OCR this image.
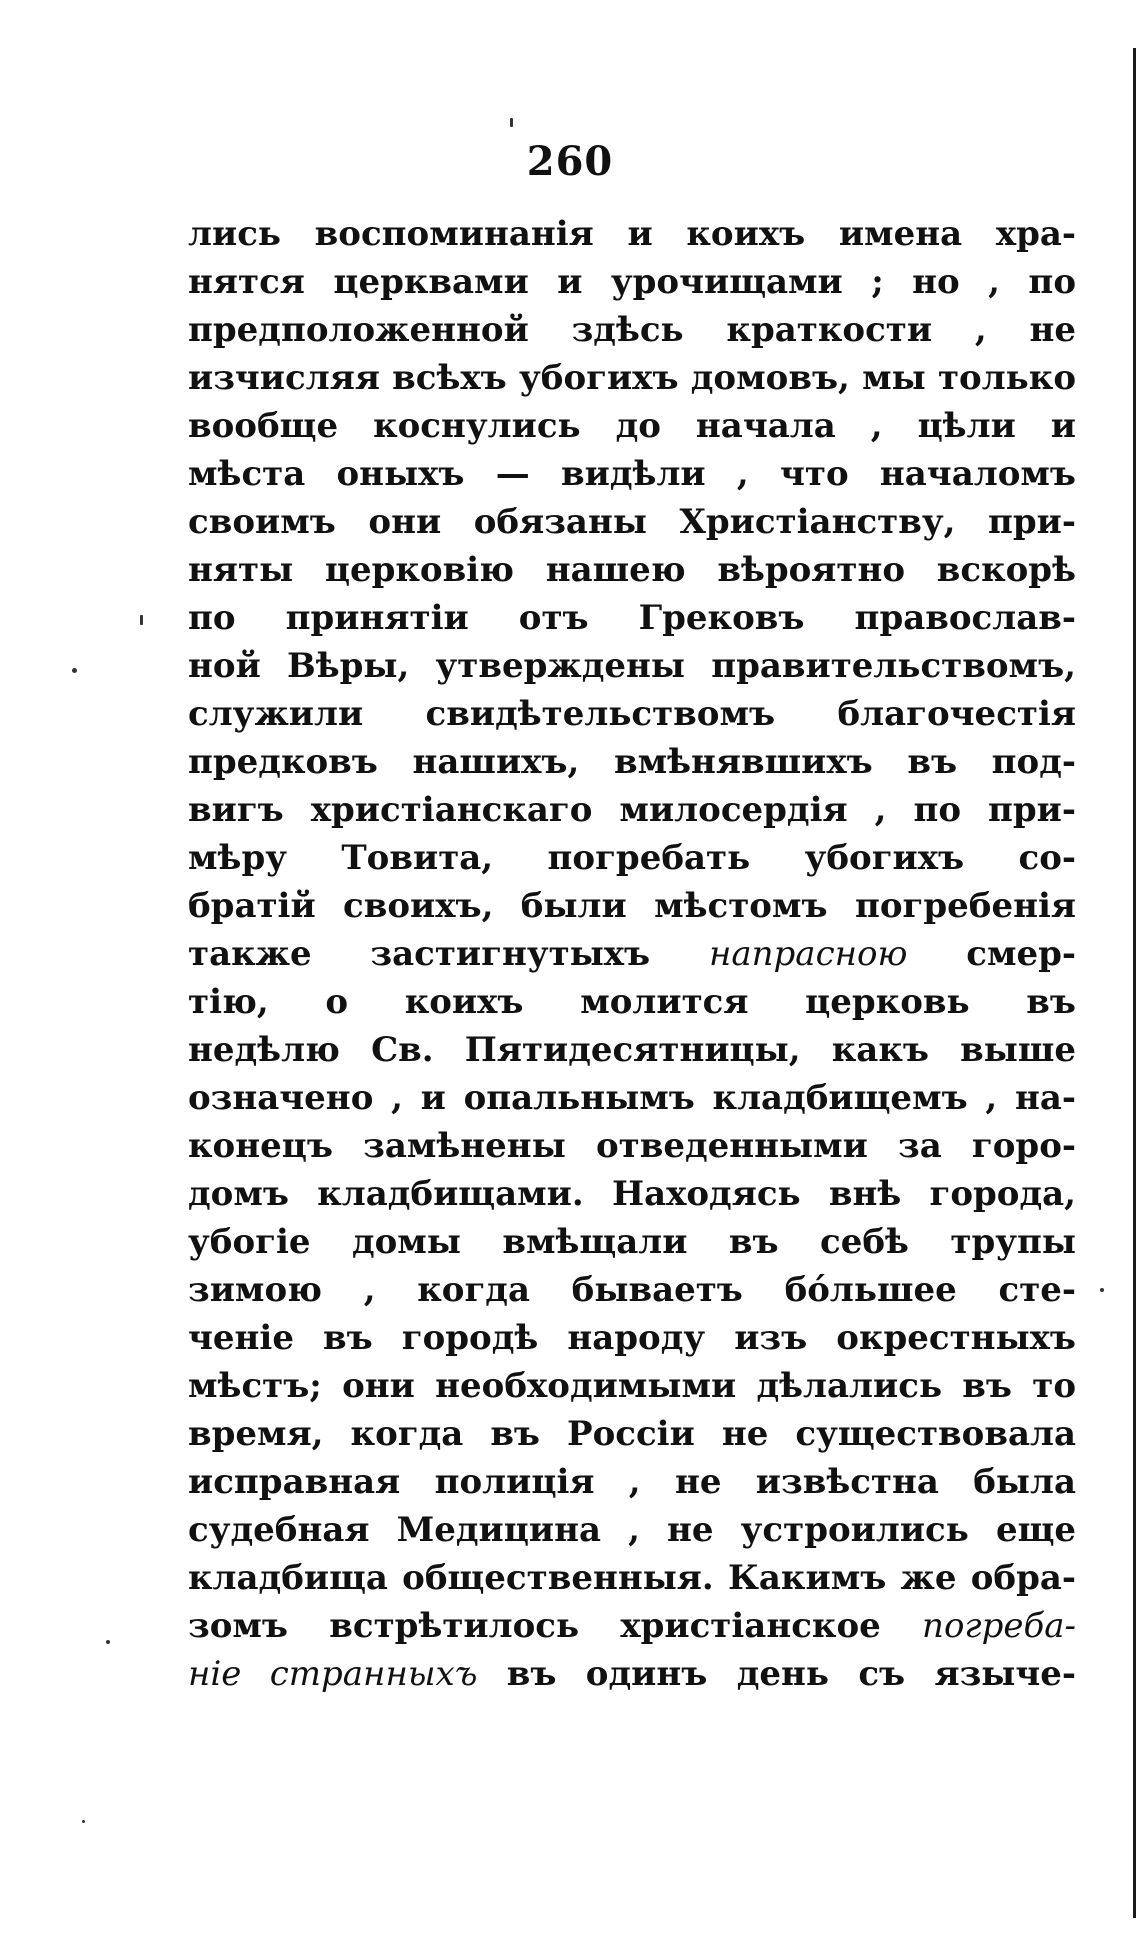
260
лись воспоминанія и коихъ имена хра-
нятся церквами и урочищами ; но , по
предположенной здѣсь краткости , не
изчисляя всѣхъ убогихъ домовъ, мы только
вообще коснулись до начала , цѣли и
мѣста оныхъ — видѣли , что началомъ
своимъ они обязаны Христіанству, при-
няты церковію нашею вѣроятно вскорѣ
по принятіи отъ Грековъ православ-
ной Вѣры, утверждены правительствомъ,
служили свидѣтельствомъ благочестія
предковъ нашихъ, вмѣнявшихъ въ под-
вигъ христіанскаго милосердія , по при-
мѣру Товита, погребать убогихъ со-
братій своихъ, были мѣстомъ погребенія
также застигнутыхъ напрасною смер-
тію, о коихъ молится церковь въ
недѣлю Св. Пятидесятницы, какъ выше
означено , и опальнымъ кладбищемъ , на-
конецъ замѣнены отведенными за горо-
домъ кладбищами. Находясь внѣ города,
убогіе домы вмѣщали въ себѣ трупы
зимою , когда бываетъ бóльшее сте-
ченіе въ городѣ народу изъ окрестныхъ
мѣстъ; они необходимыми дѣлались въ то
время, когда въ Россіи не существовала
исправная полиція , не извѣстна была
судебная Медицина , не устроились еще
кладбища общественныя. Какимъ же обра-
зомъ встрѣтилось христіанское погреба-
ніе странныхъ въ одинъ день съ языче-
